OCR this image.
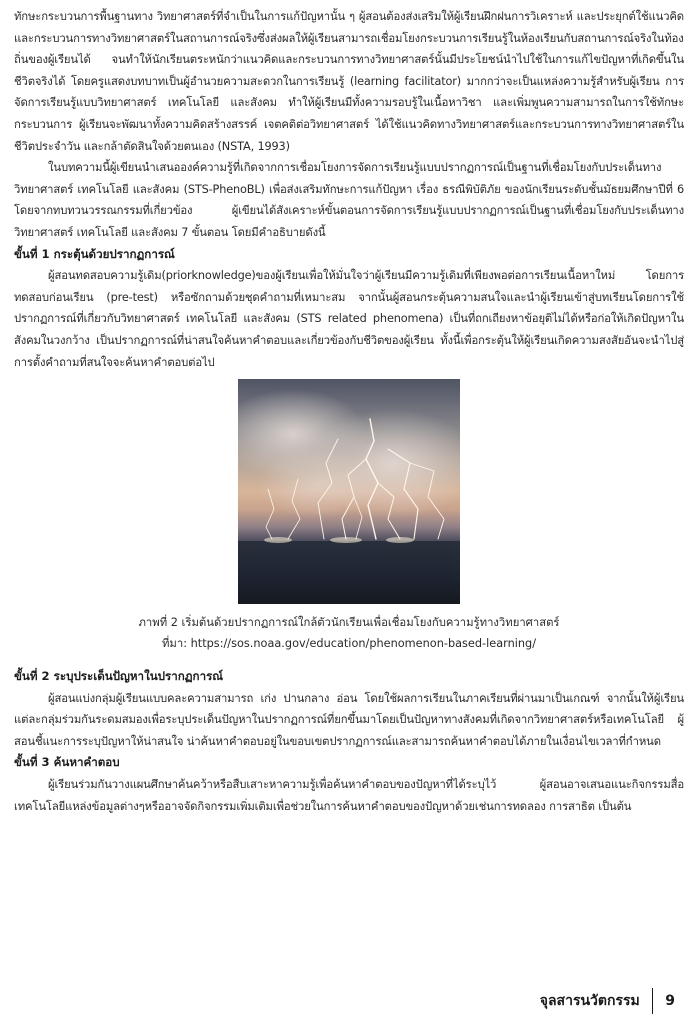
ทักษะกระบวนการพื้นฐานทาง วิทยาศาสตร์ที่จำเป็นในการแก้ปัญหานั้น ๆ ผู้สอนต้องส่งเสริมให้ผู้เรียนฝึกฝนการวิเคราะห์ และประยุกต์ใช้แนวคิดและกระบวนการทางวิทยาศาสตร์ในสถานการณ์จริงซึ่งส่งผลให้ผู้เรียนสามารถเชื่อมโยงกระบวนการเรียนรู้ในห้องเรียนกับสถานการณ์จริงในท้องถิ่นของผู้เรียนได้ จนทำให้นักเรียนตระหนักว่าแนวคิดและกระบวนการทางวิทยาศาสตร์นั้นมีประโยชน์นำไปใช้ในการแก้ไขปัญหาที่เกิดขึ้นในชีวิตจริงได้ โดยครูแสดงบทบาทเป็นผู้อำนวยความสะดวกในการเรียนรู้ (learning facilitator) มากกว่าจะเป็นแหล่งความรู้สำหรับผู้เรียน การจัดการเรียนรู้แบบวิทยาศาสตร์ เทคโนโลยี และสังคม ทำให้ผู้เรียนมีทั้งความรอบรู้ในเนื้อหาวิชา และเพิ่มพูนความสามารถในการใช้ทักษะ กระบวนการ ผู้เรียนจะพัฒนาทั้งความคิดสร้างสรรค์ เจตคติต่อวิทยาศาสตร์ ได้ใช้แนวคิดทางวิทยาศาสตร์และกระบวนการทางวิทยาศาสตร์ในชีวิตประจำวัน และกล้าตัดสินใจด้วยตนเอง (NSTA, 1993)

ในบทความนี้ผู้เขียนนำเสนอองค์ความรู้ที่เกิดจากการเชื่อมโยงการจัดการเรียนรู้แบบปรากฏการณ์เป็นฐานที่เชื่อมโยงกับประเด็นทางวิทยาศาสตร์ เทคโนโลยี และสังคม (STS-PhenoBL) เพื่อส่งเสริมทักษะการแก้ปัญหา เรื่อง ธรณีพิบัติภัย ของนักเรียนระดับชั้นมัธยมศึกษาปีที่ 6 โดยจากทบทวนวรรณกรรมที่เกี่ยวข้อง ผู้เขียนได้สังเคราะห์ขั้นตอนการจัดการเรียนรู้แบบปรากฏการณ์เป็นฐานที่เชื่อมโยงกับประเด็นทางวิทยาศาสตร์ เทคโนโลยี และสังคม 7 ขั้นตอน โดยมีคำอธิบายดังนี้

ขั้นที่ 1 กระตุ้นด้วยปรากฏการณ์

ผู้สอนทดสอบความรู้เดิม(priorknowledge)ของผู้เรียนเพื่อให้มั่นใจว่าผู้เรียนมีความรู้เดิมที่เพียงพอต่อการเรียนเนื้อหาใหม่ โดยการทดสอบก่อนเรียน (pre-test) หรือซักถามด้วยชุดคำถามที่เหมาะสม จากนั้นผู้สอนกระตุ้นความสนใจและนำผู้เรียนเข้าสู่บทเรียนโดยการใช้ปรากฏการณ์ที่เกี่ยวกับวิทยาศาสตร์ เทคโนโลยี และสังคม (STS related phenomena) เป็นที่ถกเถียงหาข้อยุติไม่ได้หรือก่อให้เกิดปัญหาในสังคมในวงกว้าง เป็นปรากฏการณ์ที่น่าสนใจค้นหาคำตอบและเกี่ยวข้องกับชีวิตของผู้เรียน ทั้งนี้เพื่อกระตุ้นให้ผู้เรียนเกิดความสงสัยอันจะนำไปสู่การตั้งคำถามที่สนใจจะค้นหาคำตอบต่อไป

ภาพที่ 2 เริ่มต้นด้วยปรากฏการณ์ใกล้ตัวนักเรียนเพื่อเชื่อมโยงกับความรู้ทางวิทยาศาสตร์
ที่มา: https://sos.noaa.gov/education/phenomenon-based-learning/

ขั้นที่ 2 ระบุประเด็นปัญหาในปรากฏการณ์

ผู้สอนแบ่งกลุ่มผู้เรียนแบบคละความสามารถ เก่ง ปานกลาง อ่อน โดยใช้ผลการเรียนในภาคเรียนที่ผ่านมาเป็นเกณฑ์ จากนั้นให้ผู้เรียนแต่ละกลุ่มร่วมกันระดมสมองเพื่อระบุประเด็นปัญหาในปรากฏการณ์ที่ยกขึ้นมาโดยเป็นปัญหาทางสังคมที่เกิดจากวิทยาศาสตร์หรือเทคโนโลยี ผู้สอนชี้แนะการระบุปัญหาให้น่าสนใจ น่าค้นหาคำตอบอยู่ในขอบเขตปรากฏการณ์และสามารถค้นหาคำตอบได้ภายในเงื่อนไขเวลาที่กำหนด

ขั้นที่ 3 ค้นหาคำตอบ

ผู้เรียนร่วมกันวางแผนศึกษาค้นคว้าหรือสืบเสาะหาความรู้เพื่อค้นหาคำตอบของปัญหาที่ได้ระบุไว้ ผู้สอนอาจเสนอแนะกิจกรรมสื่อเทคโนโลยีแหล่งข้อมูลต่างๆหรืออาจจัดกิจกรรมเพิ่มเติมเพื่อช่วยในการค้นหาคำตอบของปัญหาด้วยเช่นการทดลอง การสาธิต เป็นต้น

จุลสารนวัตกรรม	9
